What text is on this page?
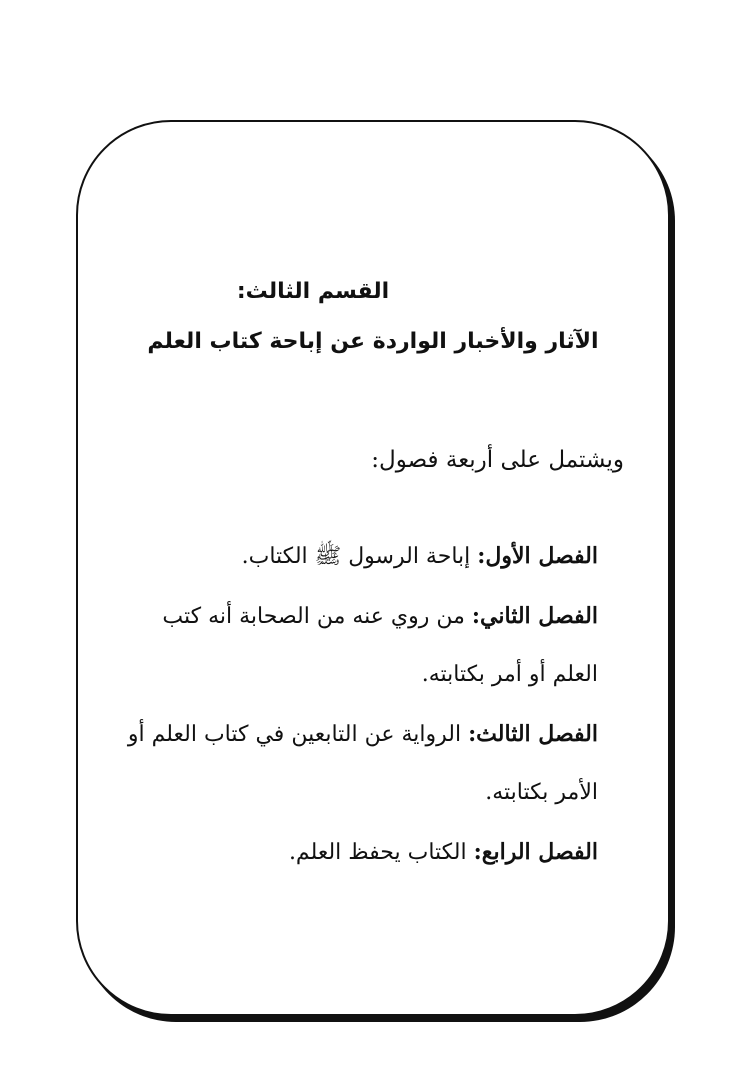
القسم الثالث:
الآثار والأخبار الواردة عن إباحة كتاب العلم

ويشتمل على أربعة فصول:

الفصل الأول: إباحة الرسول ﷺ الكتاب.
الفصل الثاني: من روي عنه من الصحابة أنه كتب العلم أو أمر بكتابته.
الفصل الثالث: الرواية عن التابعين في كتاب العلم أو الأمر بكتابته.
الفصل الرابع: الكتاب يحفظ العلم.
